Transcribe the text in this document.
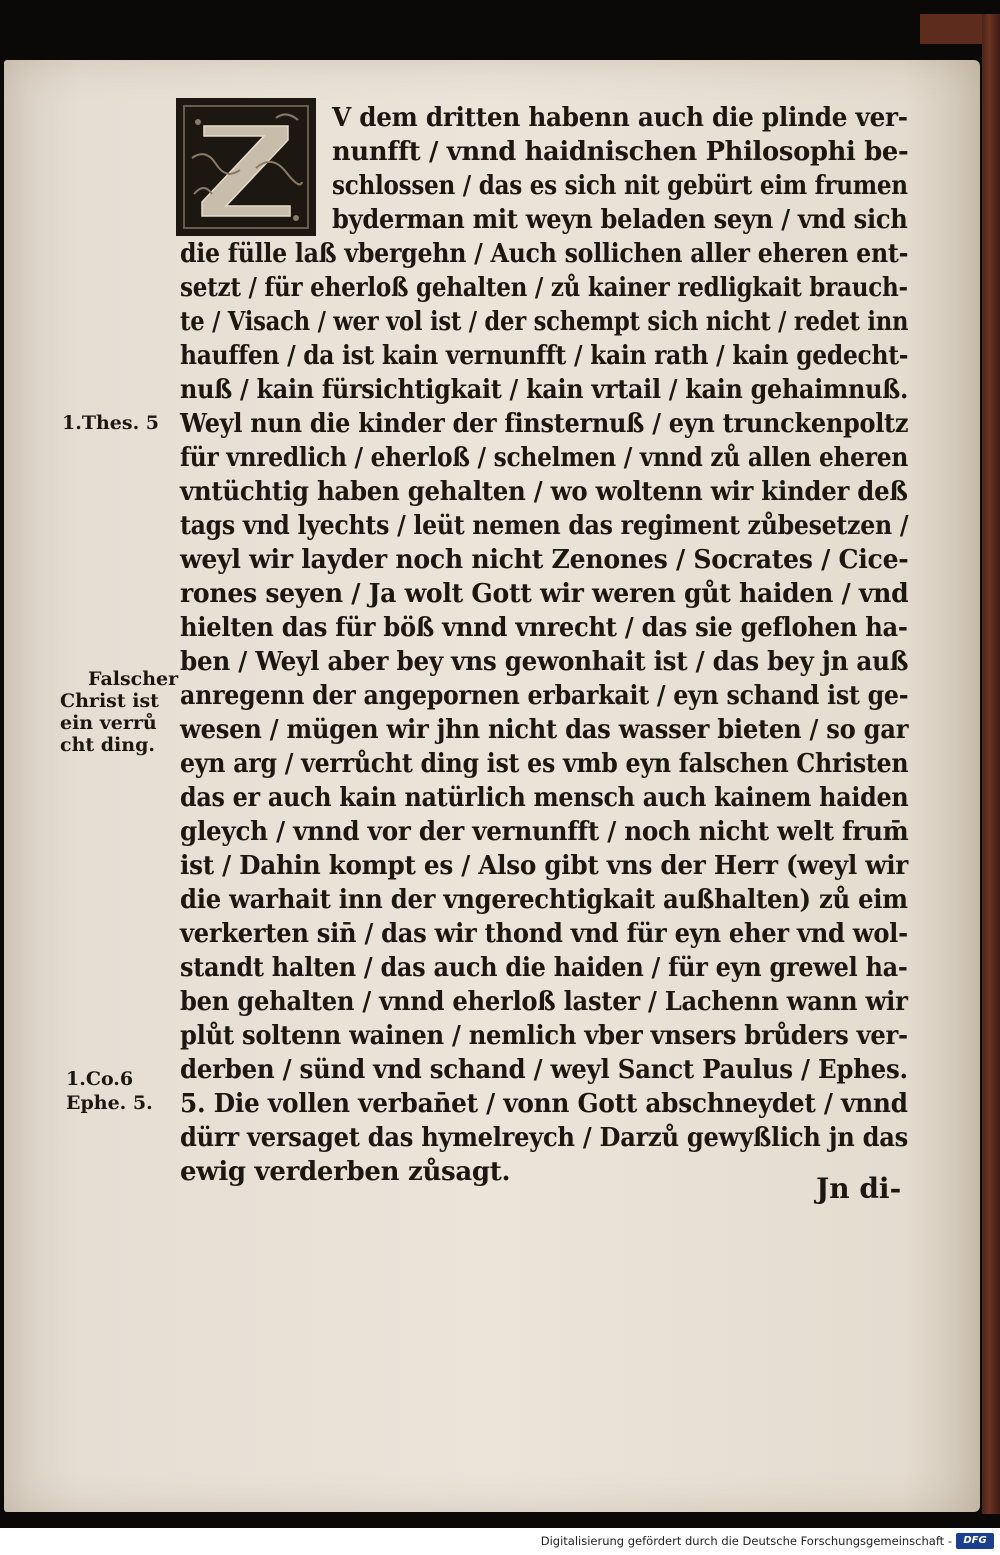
V dem dritten habenn auch die plinde ver-
nunfft / vnnd haidnischen Philosophi be-
schlossen / das es sich nit gebürt eim frumen
byderman mit weyn beladen seyn / vnd sich
die fülle laß vbergehn / Auch sollichen aller eheren ent-
setzt / für eherloß gehalten / zů kainer redligkait brauch-
te / Visach / wer vol ist / der schempt sich nicht / redet inn
hauffen / da ist kain vernunfft / kain rath / kain gedecht-
nuß / kain fürsichtigkait / kain vrtail / kain gehaimnuß.
Weyl nun die kinder der finsternuß / eyn trunckenpoltz
für vnredlich / eherloß / schelmen / vnnd zů allen eheren
vntüchtig haben gehalten / wo woltenn wir kinder deß
tags vnd lyechts / leüt nemen das regiment zůbesetzen /
weyl wir layder noch nicht Zenones / Socrates / Cice-
rones seyen / Ja wolt Gott wir weren gůt haiden / vnd
hielten das für böß vnnd vnrecht / das sie geflohen ha-
ben / Weyl aber bey vns gewonhait ist / das bey jn auß
anregenn der angepornen erbarkait / eyn schand ist ge-
wesen / mügen wir jhn nicht das wasser bieten / so gar
eyn arg / verrůcht ding ist es vmb eyn falschen Christen
das er auch kain natürlich mensch auch kainem haiden
gleych / vnnd vor der vernunfft / noch nicht welt frum̄
ist / Dahin kompt es / Also gibt vns der Herr (weyl wir
die warhait inn der vngerechtigkait außhalten) zů eim
verkerten sin̄ / das wir thond vnd für eyn eher vnd wol-
standt halten / das auch die haiden / für eyn grewel ha-
ben gehalten / vnnd eherloß laster / Lachenn wann wir
plůt soltenn wainen / nemlich vber vnsers brůders ver-
derben / sünd vnd schand / weyl Sanct Paulus / Ephes.
5. Die vollen verban̄et / vonn Gott abschneydet / vnnd
dürr versaget das hymelreych / Darzů gewyßlich jn das
ewig verderben zůsagt.
1.Thes. 5
Falscher
Christ ist
ein verrů
cht ding.
1.Co.6
Ephe. 5.
Jn di-
Digitalisierung gefördert durch die Deutsche Forschungsgemeinschaft -	DFG
